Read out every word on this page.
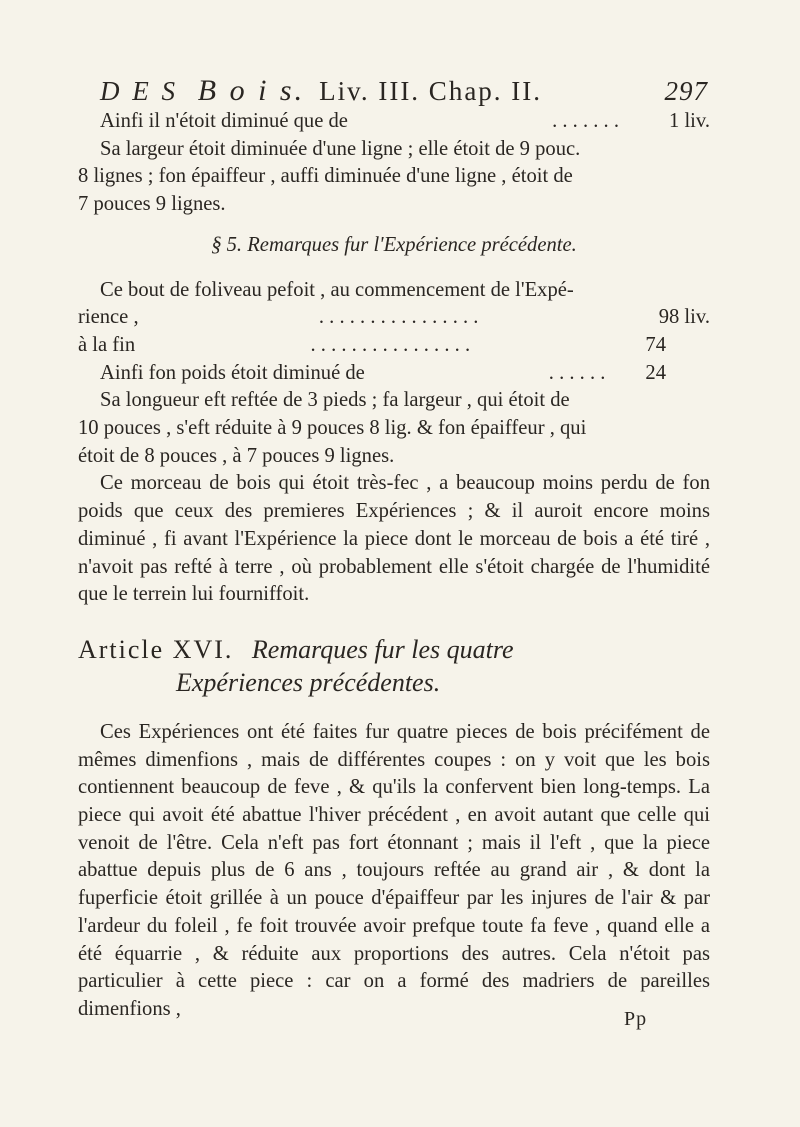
D E S B o i s. Liv. III. Chap. II.	297
Ainfi il n'étoit diminué que de	. . . . . . .	1 liv.
Sa largeur étoit diminuée d'une ligne ; elle étoit de 9 pouc.
8 lignes ; fon épaiffeur , auffi diminuée d'une ligne , étoit de
7 pouces 9 lignes.
§ 5. Remarques fur l'Expérience précédente.
Ce bout de foliveau pefoit , au commencement de l'Expé-
rience ,	. . . . . . . . . . . . . . . .	98 liv.
à la fin	. . . . . . . . . . . . . . . .	74
Ainfi fon poids étoit diminué de	. . . . . .	24
Sa longueur eft reftée de 3 pieds ; fa largeur , qui étoit de
10 pouces , s'eft réduite à 9 pouces 8 lig. & fon épaiffeur , qui
étoit de 8 pouces , à 7 pouces 9 lignes.

Ce morceau de bois qui étoit très-fec , a beaucoup moins perdu de fon poids que ceux des premieres Expériences ; & il auroit encore moins diminué , fi avant l'Expérience la piece dont le morceau de bois a été tiré , n'avoit pas refté à terre , où probablement elle s'étoit chargée de l'humidité que le terrein lui fourniffoit.

Article XVI. Remarques fur les quatre
Expériences précédentes.

Ces Expériences ont été faites fur quatre pieces de bois précifément de mêmes dimenfions , mais de différentes coupes : on y voit que les bois contiennent beaucoup de feve , & qu'ils la confervent bien long-temps. La piece qui avoit été abattue l'hiver précédent , en avoit autant que celle qui venoit de l'être. Cela n'eft pas fort étonnant ; mais il l'eft , que la piece abattue depuis plus de 6 ans , toujours reftée au grand air , & dont la fuperficie étoit grillée à un pouce d'épaiffeur par les injures de l'air & par l'ardeur du foleil , fe foit trouvée avoir prefque toute fa feve , quand elle a été équarrie , & réduite aux proportions des autres. Cela n'étoit pas particulier à cette piece : car on a formé des madriers de pareilles dimenfions ,	Pp
